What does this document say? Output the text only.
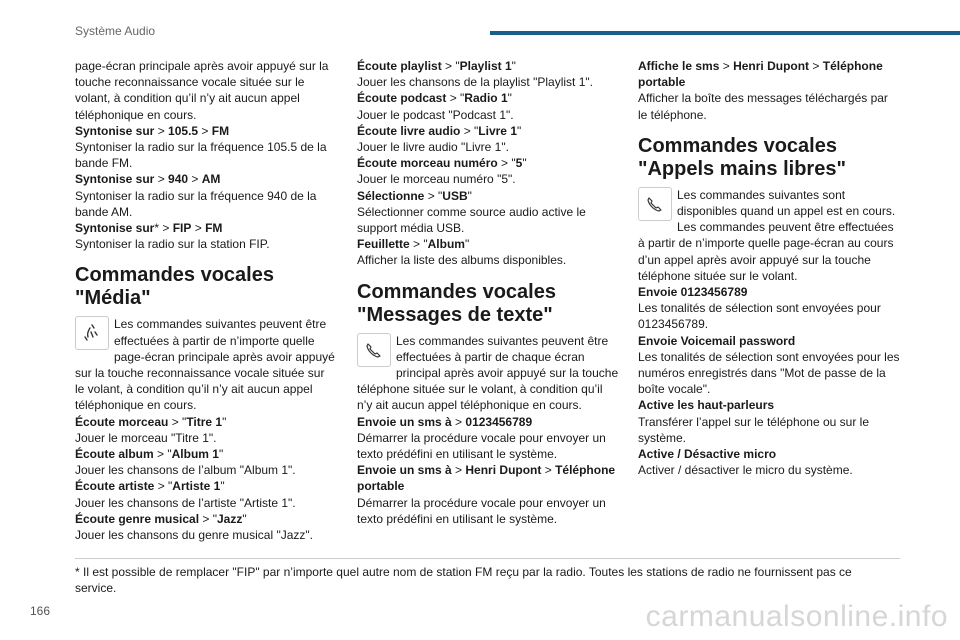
Système Audio

page-écran principale après avoir appuyé sur la touche reconnaissance vocale située sur le volant, à condition qu’il n’y ait aucun appel téléphonique en cours.

Syntonise sur > 105.5 > FM

Syntoniser la radio sur la fréquence 105.5 de la bande FM.

Syntonise sur > 940 > AM

Syntoniser la radio sur la fréquence 940 de la bande AM.

Syntonise sur* > FIP > FM

Syntoniser la radio sur la station FIP.

Commandes vocales "Média"
Les commandes suivantes peuvent être effectuées à partir de n’importe quelle page-écran principale après avoir appuyé sur la touche reconnaissance vocale située sur le volant, à condition qu’il n’y ait aucun appel téléphonique en cours.

Écoute morceau > "Titre 1"

Jouer le morceau "Titre 1".

Écoute album > "Album 1"

Jouer les chansons de l’album "Album 1".

Écoute artiste > "Artiste 1"

Jouer les chansons de l’artiste "Artiste 1".

Écoute genre musical > "Jazz"

Jouer les chansons du genre musical "Jazz".

Écoute playlist > "Playlist 1"

Jouer les chansons de la playlist "Playlist 1".

Écoute podcast > "Radio 1"

Jouer le podcast "Podcast 1".

Écoute livre audio > "Livre 1"

Jouer le livre audio "Livre 1".

Écoute morceau numéro > "5"

Jouer le morceau numéro "5".

Sélectionne > "USB"

Sélectionner comme source audio active le support média USB.

Feuillette > "Album"

Afficher la liste des albums disponibles.

Commandes vocales "Messages de texte"
Les commandes suivantes peuvent être effectuées à partir de chaque écran principal après avoir appuyé sur la touche téléphone située sur le volant, à condition qu’il n’y ait aucun appel téléphonique en cours.

Envoie un sms à > 0123456789

Démarrer la procédure vocale pour envoyer un texto prédéfini en utilisant le système.

Envoie un sms à > Henri Dupont > Téléphone portable

Démarrer la procédure vocale pour envoyer un texto prédéfini en utilisant le système.

Affiche le sms > Henri Dupont > Téléphone portable

Afficher la boîte des messages téléchargés par le téléphone.

Commandes vocales "Appels mains libres"
Les commandes suivantes sont disponibles quand un appel est en cours.

Les commandes peuvent être effectuées à partir de n’importe quelle page-écran au cours d’un appel après avoir appuyé sur la touche téléphone située sur le volant.

Envoie 0123456789

Les tonalités de sélection sont envoyées pour 0123456789.

Envoie Voicemail password

Les tonalités de sélection sont envoyées pour les numéros enregistrés dans "Mot de passe de la boîte vocale".

Active les haut-parleurs

Transférer l’appel sur le téléphone ou sur le système.

Active / Désactive micro

Activer / désactiver le micro du système.

* Il est possible de remplacer "FIP" par n’importe quel autre nom de station FM reçu par la radio. Toutes les stations de radio ne fournissent pas ce service.
166	carmanualsonline.info
